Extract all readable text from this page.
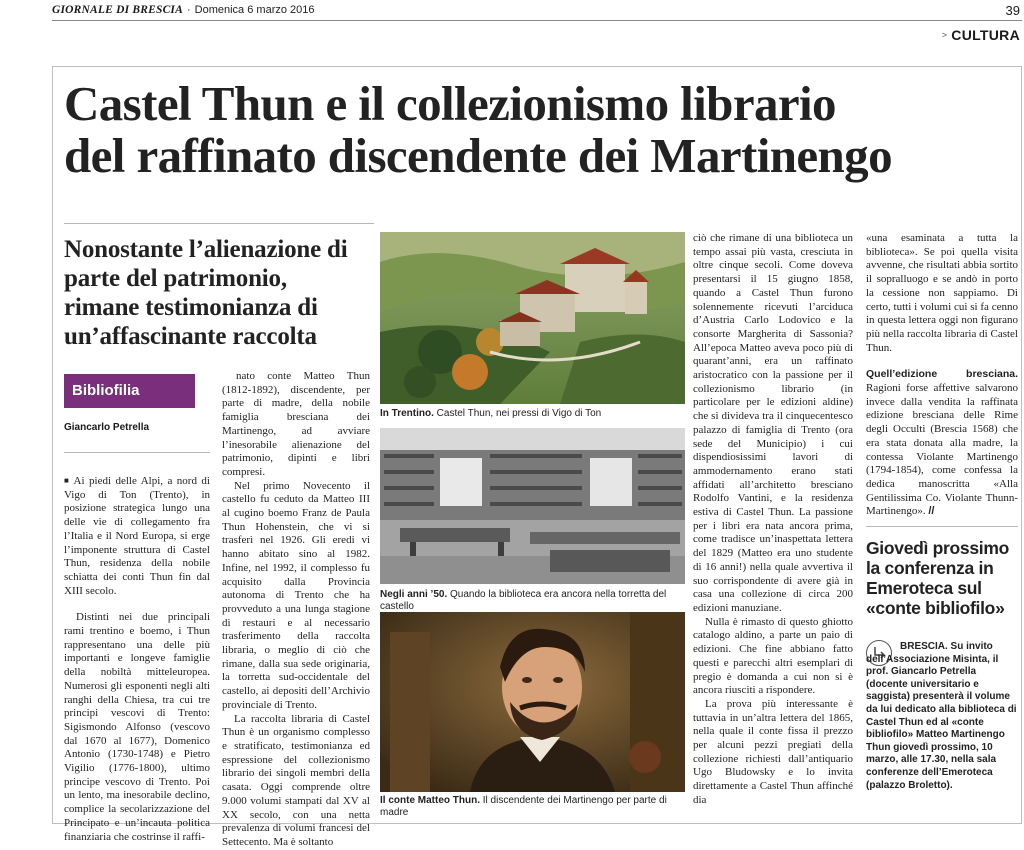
GIORNALE DI BRESCIA · Domenica 6 marzo 2016	39
> CULTURA
Castel Thun e il collezionismo librario
del raffinato discendente dei Martinengo
Nonostante l’alienazione di parte del patrimonio, rimane testimonianza di un’affascinante raccolta
Bibliofilia
Giancarlo Petrella

■ Ai piedi delle Alpi, a nord di Vigo di Ton (Trento), in posizione strategica lungo una delle vie di collegamento fra l’Italia e il Nord Europa, si erge l’imponente struttura di Castel Thun, residenza della nobile schiatta dei conti Thun fin dal XIII secolo.

Distinti nei due principali rami trentino e boemo, i Thun rappresentano una delle più importanti e longeve famiglie della nobiltà mitteleuropea. Numerosi gli esponenti negli alti ranghi della Chiesa, tra cui tre principi vescovi di Trento: Sigismondo Alfonso (vescovo dal 1670 al 1677), Domenico Antonio (1730-1748) e Pietro Vigilio (1776-1800), ultimo principe vescovo di Trento. Poi un lento, ma inesorabile declino, complice la secolarizzazione del Principato e un’incauta politica finanziaria che costrinse il raffi-

nato conte Matteo Thun (1812-1892), discendente, per parte di madre, della nobile famiglia bresciana dei Martinengo, ad avviare l’inesorabile alienazione del patrimonio, dipinti e libri compresi.

Nel primo Novecento il castello fu ceduto da Matteo III al cugino boemo Franz de Paula Thun Hohenstein, che vi si trasferì nel 1926. Gli eredi vi hanno abitato sino al 1982. Infine, nel 1992, il complesso fu acquisito dalla Provincia autonoma di Trento che ha provveduto a una lunga stagione di restauri e al necessario trasferimento della raccolta libraria, o meglio di ciò che rimane, dalla sua sede originaria, la torretta sud-occidentale del castello, ai depositi dell’Archivio provinciale di Trento.

La raccolta libraria di Castel Thun è un organismo complesso e stratificato, testimonianza ed espressione del collezionismo librario dei singoli membri della casata. Oggi comprende oltre 9.000 volumi stampati dal XV al XX secolo, con una netta prevalenza di volumi francesi del Settecento. Ma è soltanto

In Trentino. Castel Thun, nei pressi di Vigo di Ton
Negli anni ’50. Quando la biblioteca era ancora nella torretta del castello
Il conte Matteo Thun. Il discendente dei Martinengo per parte di madre

ciò che rimane di una biblioteca un tempo assai più vasta, cresciuta in oltre cinque secoli. Come doveva presentarsi il 15 giugno 1858, quando a Castel Thun furono solennemente ricevuti l’arciduca d’Austria Carlo Lodovico e la consorte Margherita di Sassonia? All’epoca Matteo aveva poco più di quarant’anni, era un raffinato aristocratico con la passione per il collezionismo librario (in particolare per le edizioni aldine) che si divideva tra il cinquecentesco palazzo di famiglia di Trento (ora sede del Municipio) i cui dispendiosissimi lavori di ammodernamento erano stati affidati all’architetto bresciano Rodolfo Vantini, e la residenza estiva di Castel Thun. La passione per i libri era nata ancora prima, come tradisce un’inaspettata lettera del 1829 (Matteo era uno studente di 16 anni!) nella quale avvertiva il suo corrispondente di avere già in casa una collezione di circa 200 edizioni manuziane.

Nulla è rimasto di questo ghiotto catalogo aldino, a parte un paio di edizioni. Che fine abbiano fatto questi e parecchi altri esemplari di pregio è domanda a cui non si è ancora riusciti a rispondere.

La prova più interessante è tuttavia in un’altra lettera del 1865, nella quale il conte fissa il prezzo per alcuni pezzi pregiati della collezione richiesti dall’antiquario Ugo Bludowsky e lo invita direttamente a Castel Thun affinché dia

«una esaminata a tutta la biblioteca». Se poi quella visita avvenne, che risultati abbia sortito il sopralluogo e se andò in porto la cessione non sappiamo. Di certo, tutti i volumi cui si fa cenno in questa lettera oggi non figurano più nella raccolta libraria di Castel Thun.

Quell’edizione bresciana. Ragioni forse affettive salvarono invece dalla vendita la raffinata edizione bresciana delle Rime degli Occulti (Brescia 1568) che era stata donata alla madre, la contessa Violante Martinengo (1794-1854), come confessa la dedica manoscritta «Alla Gentilissima Co. Violante Thunn-Martinengo». //

Giovedì prossimo la conferenza in Emeroteca sul «conte bibliofilo»
BRESCIA. Su invito dell’Associazione Misinta, il prof. Giancarlo Petrella (docente universitario e saggista) presenterà il volume da lui dedicato alla biblioteca di Castel Thun ed al «conte bibliofilo» Matteo Martinengo Thun giovedì prossimo, 10 marzo, alle 17.30, nella sala conferenze dell’Emeroteca (palazzo Broletto).
